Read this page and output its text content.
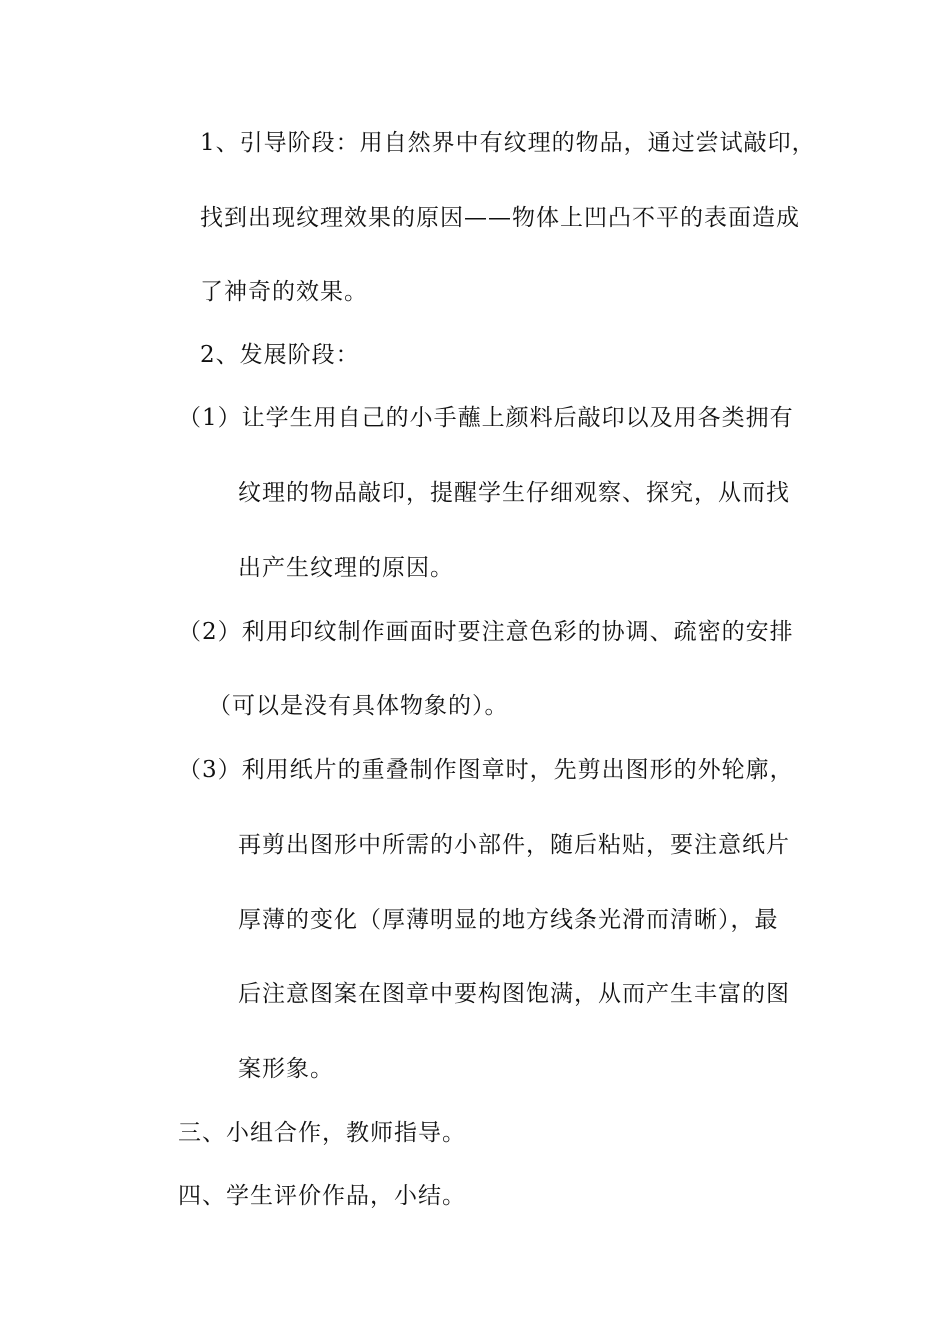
1、引导阶段：用自然界中有纹理的物品，通过尝试敲印，
找到出现纹理效果的原因——物体上凹凸不平的表面造成
了神奇的效果。
2、发展阶段：
（1）让学生用自己的小手蘸上颜料后敲印以及用各类拥有
纹理的物品敲印，提醒学生仔细观察、探究，从而找
出产生纹理的原因。
（2）利用印纹制作画面时要注意色彩的协调、疏密的安排
（可以是没有具体物象的）。
（3）利用纸片的重叠制作图章时，先剪出图形的外轮廓，
再剪出图形中所需的小部件，随后粘贴，要注意纸片
厚薄的变化（厚薄明显的地方线条光滑而清晰），最
后注意图案在图章中要构图饱满，从而产生丰富的图
案形象。
三、小组合作，教师指导。
四、学生评价作品，小结。
